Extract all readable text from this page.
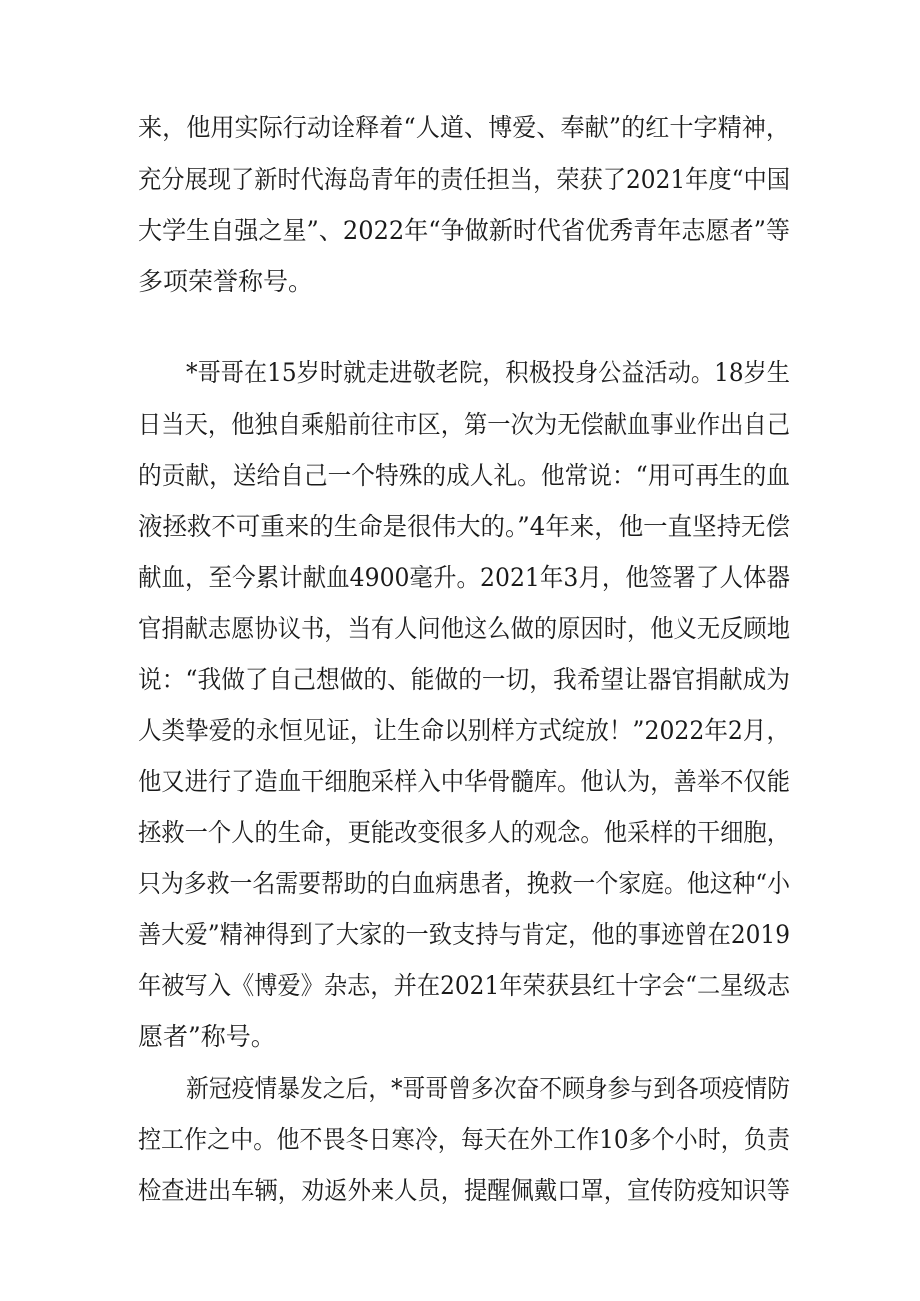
来，他用实际行动诠释着“人道、博爱、奉献”的红十字精神，
充分展现了新时代海岛青年的责任担当，荣获了2021年度“中国
大学生自强之星”、2022年“争做新时代省优秀青年志愿者”等
多项荣誉称号。
*哥哥在15岁时就走进敬老院，积极投身公益活动。18岁生
日当天，他独自乘船前往市区，第一次为无偿献血事业作出自己
的贡献，送给自己一个特殊的成人礼。他常说：“用可再生的血
液拯救不可重来的生命是很伟大的。”4年来，他一直坚持无偿
献血，至今累计献血4900毫升。2021年3月，他签署了人体器
官捐献志愿协议书，当有人问他这么做的原因时，他义无反顾地
说：“我做了自己想做的、能做的一切，我希望让器官捐献成为
人类挚爱的永恒见证，让生命以别样方式绽放！”2022年2月，
他又进行了造血干细胞采样入中华骨髓库。他认为，善举不仅能
拯救一个人的生命，更能改变很多人的观念。他采样的干细胞，
只为多救一名需要帮助的白血病患者，挽救一个家庭。他这种“小
善大爱”精神得到了大家的一致支持与肯定，他的事迹曾在2019
年被写入《博爱》杂志，并在2021年荣获县红十字会“二星级志
愿者”称号。
新冠疫情暴发之后，*哥哥曾多次奋不顾身参与到各项疫情防
控工作之中。他不畏冬日寒冷，每天在外工作10多个小时，负责
检查进出车辆，劝返外来人员，提醒佩戴口罩，宣传防疫知识等
